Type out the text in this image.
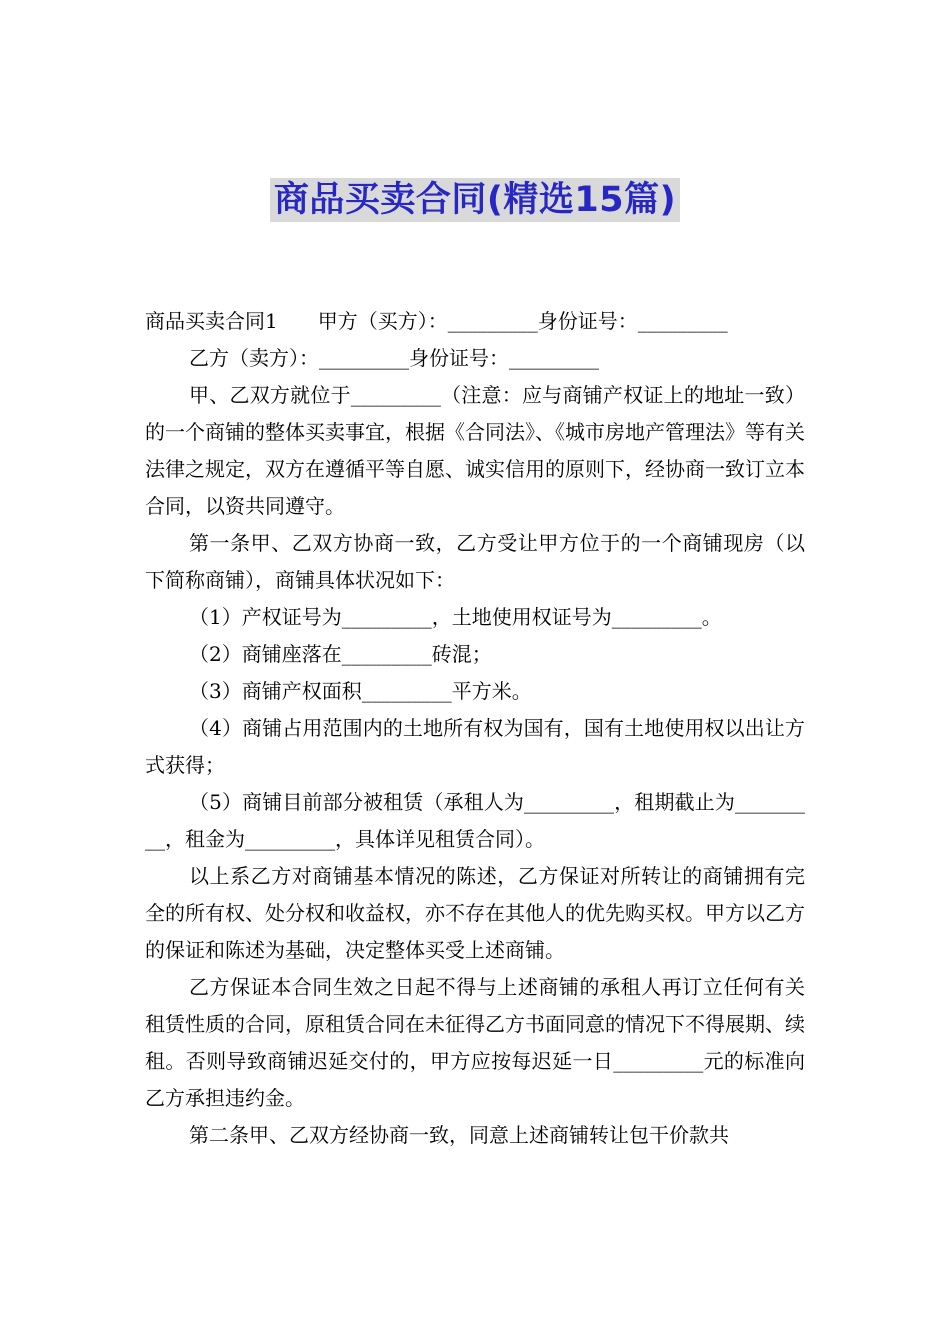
商品买卖合同(精选15篇)

商品买卖合同1　　甲方（买方）：_________身份证号：_________

乙方（卖方）：_________身份证号：_________

甲、乙双方就位于_________（注意：应与商铺产权证上的地址一致）的一个商铺的整体买卖事宜，根据《合同法》、《城市房地产管理法》等有关法律之规定，双方在遵循平等自愿、诚实信用的原则下，经协商一致订立本合同，以资共同遵守。

第一条甲、乙双方协商一致，乙方受让甲方位于的一个商铺现房（以下简称商铺），商铺具体状况如下：

（1）产权证号为_________，土地使用权证号为_________。

（2）商铺座落在_________砖混；

（3）商铺产权面积_________平方米。

（4）商铺占用范围内的土地所有权为国有，国有土地使用权以出让方式获得；

（5）商铺目前部分被租赁（承租人为_________，租期截止为_________，租金为_________，具体详见租赁合同）。

以上系乙方对商铺基本情况的陈述，乙方保证对所转让的商铺拥有完全的所有权、处分权和收益权，亦不存在其他人的优先购买权。甲方以乙方的保证和陈述为基础，决定整体买受上述商铺。

乙方保证本合同生效之日起不得与上述商铺的承租人再订立任何有关租赁性质的合同，原租赁合同在未征得乙方书面同意的情况下不得展期、续租。否则导致商铺迟延交付的，甲方应按每迟延一日_________元的标准向乙方承担违约金。

第二条甲、乙双方经协商一致，同意上述商铺转让包干价款共
